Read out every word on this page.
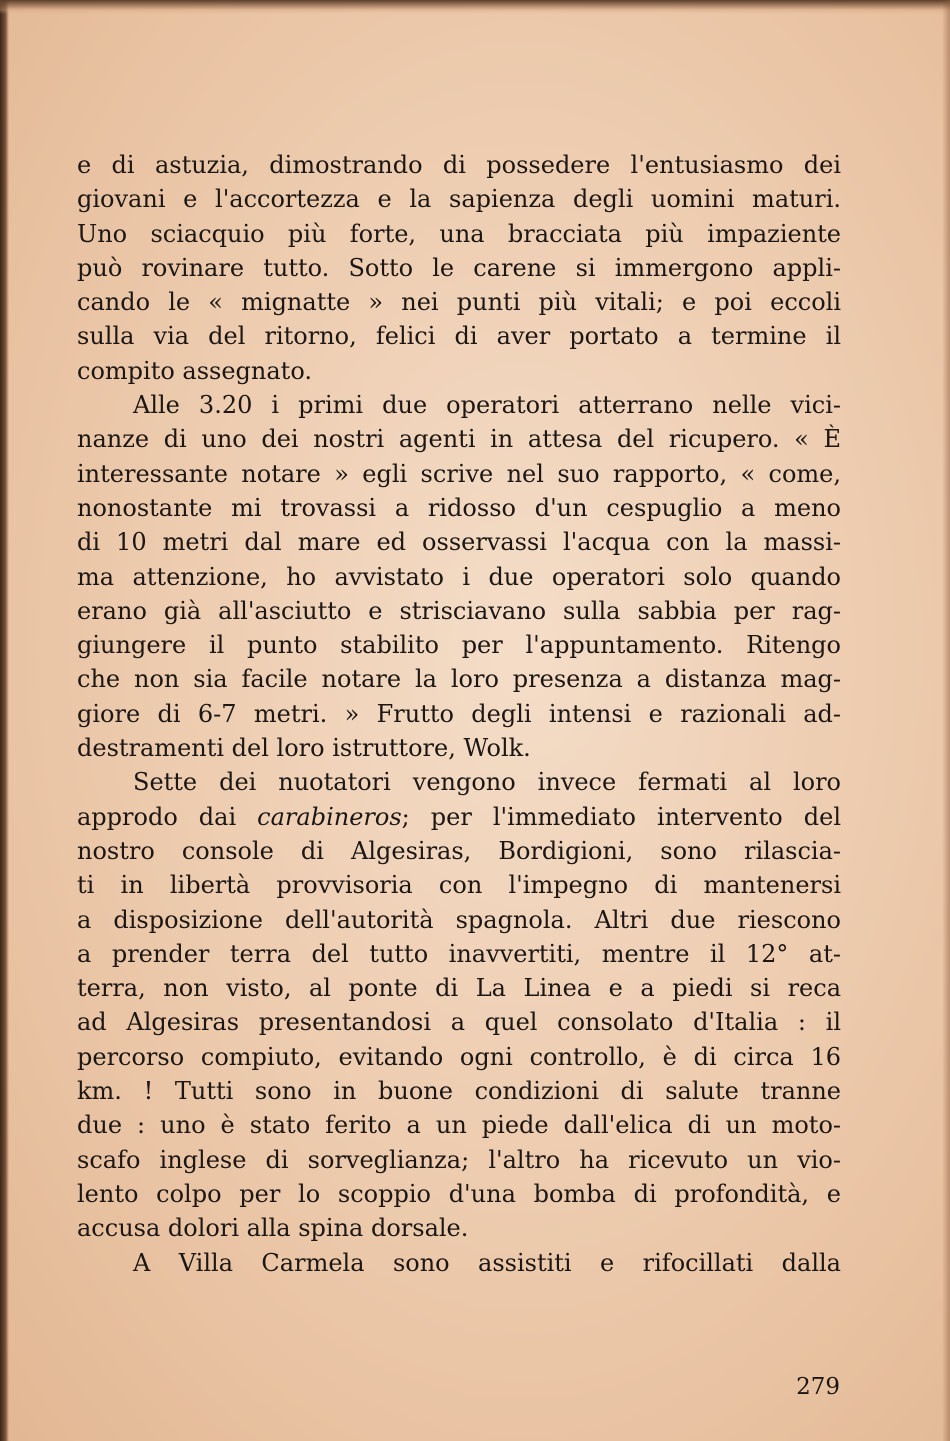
e di astuzia, dimostrando di possedere l'entusiasmo dei
giovani e l'accortezza e la sapienza degli uomini maturi.
Uno sciacquio più forte, una bracciata più impaziente
può rovinare tutto. Sotto le carene si immergono appli-
cando le « mignatte » nei punti più vitali; e poi eccoli
sulla via del ritorno, felici di aver portato a termine il
compito assegnato.
Alle 3.20 i primi due operatori atterrano nelle vici-
nanze di uno dei nostri agenti in attesa del ricupero. « È
interessante notare » egli scrive nel suo rapporto, « come,
nonostante mi trovassi a ridosso d'un cespuglio a meno
di 10 metri dal mare ed osservassi l'acqua con la massi-
ma attenzione, ho avvistato i due operatori solo quando
erano già all'asciutto e strisciavano sulla sabbia per rag-
giungere il punto stabilito per l'appuntamento. Ritengo
che non sia facile notare la loro presenza a distanza mag-
giore di 6-7 metri. » Frutto degli intensi e razionali ad-
destramenti del loro istruttore, Wolk.
Sette dei nuotatori vengono invece fermati al loro
approdo dai carabineros; per l'immediato intervento del
nostro console di Algesiras, Bordigioni, sono rilascia-
ti in libertà provvisoria con l'impegno di mantenersi
a disposizione dell'autorità spagnola. Altri due riescono
a prender terra del tutto inavvertiti, mentre il 12° at-
terra, non visto, al ponte di La Linea e a piedi si reca
ad Algesiras presentandosi a quel consolato d'Italia : il
percorso compiuto, evitando ogni controllo, è di circa 16
km. ! Tutti sono in buone condizioni di salute tranne
due : uno è stato ferito a un piede dall'elica di un moto-
scafo inglese di sorveglianza; l'altro ha ricevuto un vio-
lento colpo per lo scoppio d'una bomba di profondità, e
accusa dolori alla spina dorsale.
A Villa Carmela sono assistiti e rifocillati dalla
279
